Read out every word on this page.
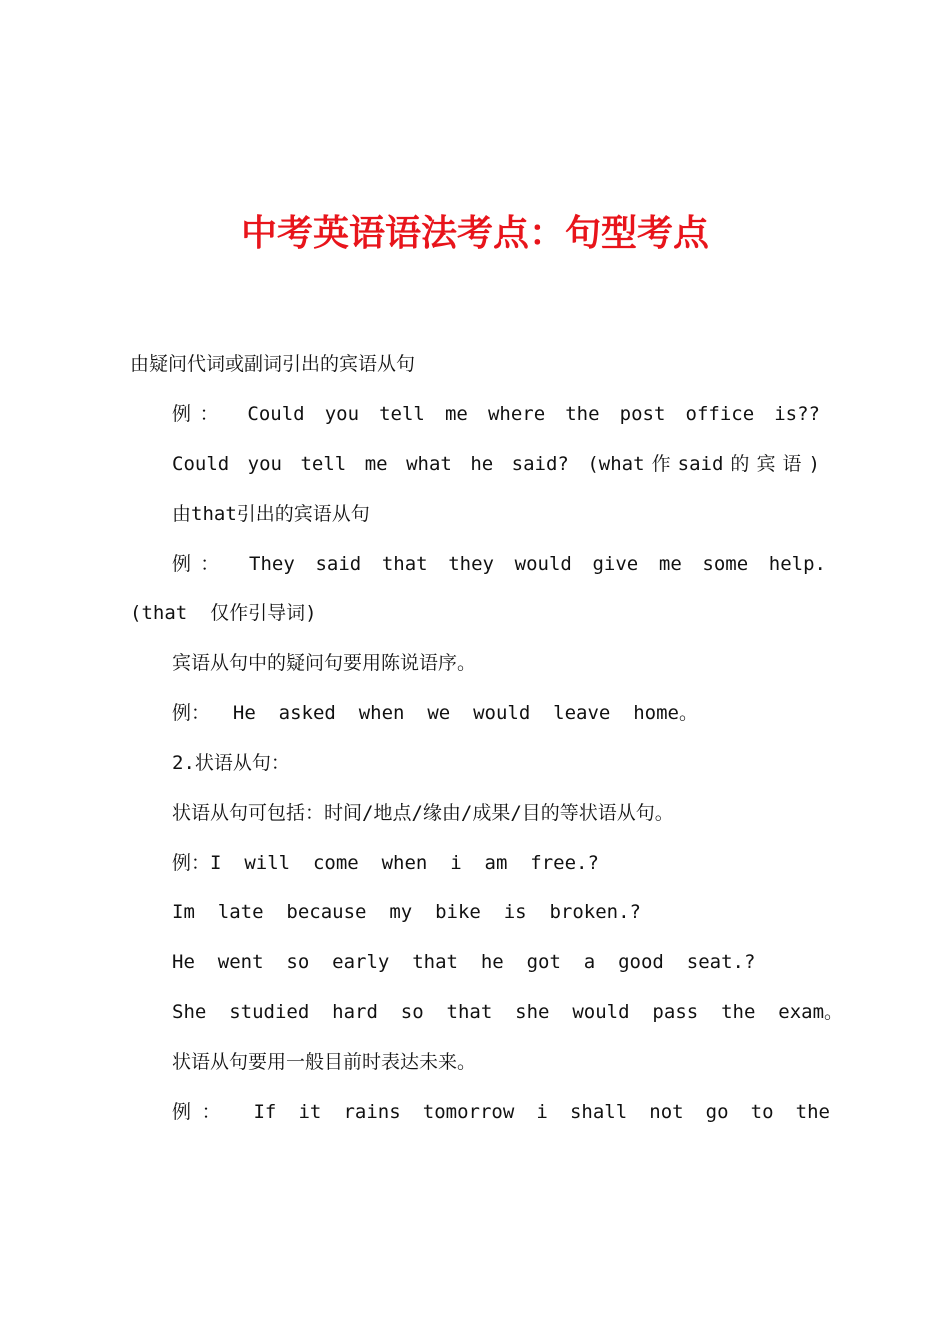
中考英语语法考点：句型考点

由疑问代词或副词引出的宾语从句

例： Could you tell me where the post office is??

Could you tell me what he said? (what作said的宾语)

由that引出的宾语从句

例： They said that they would give me some help.

(that  仅作引导词)

宾语从句中的疑问句要用陈说语序。

例：  He  asked  when  we  would  leave  home。

2.状语从句：

状语从句可包括：时间/地点/缘由/成果/目的等状语从句。

例：I  will  come  when  i  am  free.?

Im  late  because  my  bike  is  broken.?

He  went  so  early  that  he  got  a  good  seat.?

She  studied  hard  so  that  she  would  pass  the  exam。

状语从句要用一般目前时表达未来。

例： If it rains tomorrow i shall not go to the
